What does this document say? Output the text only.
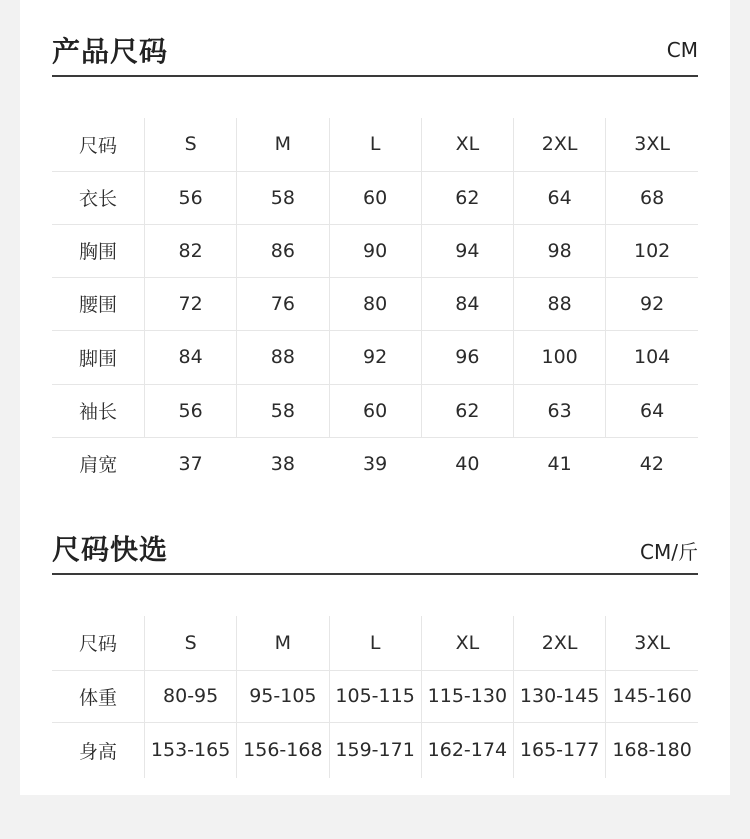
产品尺码	CM
尺码	S	M	L	XL	2XL	3XL
衣长	56	58	60	62	64	68
胸围	82	86	90	94	98	102
腰围	72	76	80	84	88	92
脚围	84	88	92	96	100	104
袖长	56	58	60	62	63	64
肩宽	37	38	39	40	41	42
尺码快选	CM/斤
尺码	S	M	L	XL	2XL	3XL
体重	80-95	95-105	105-115	115-130	130-145	145-160
身高	153-165	156-168	159-171	162-174	165-177	168-180
